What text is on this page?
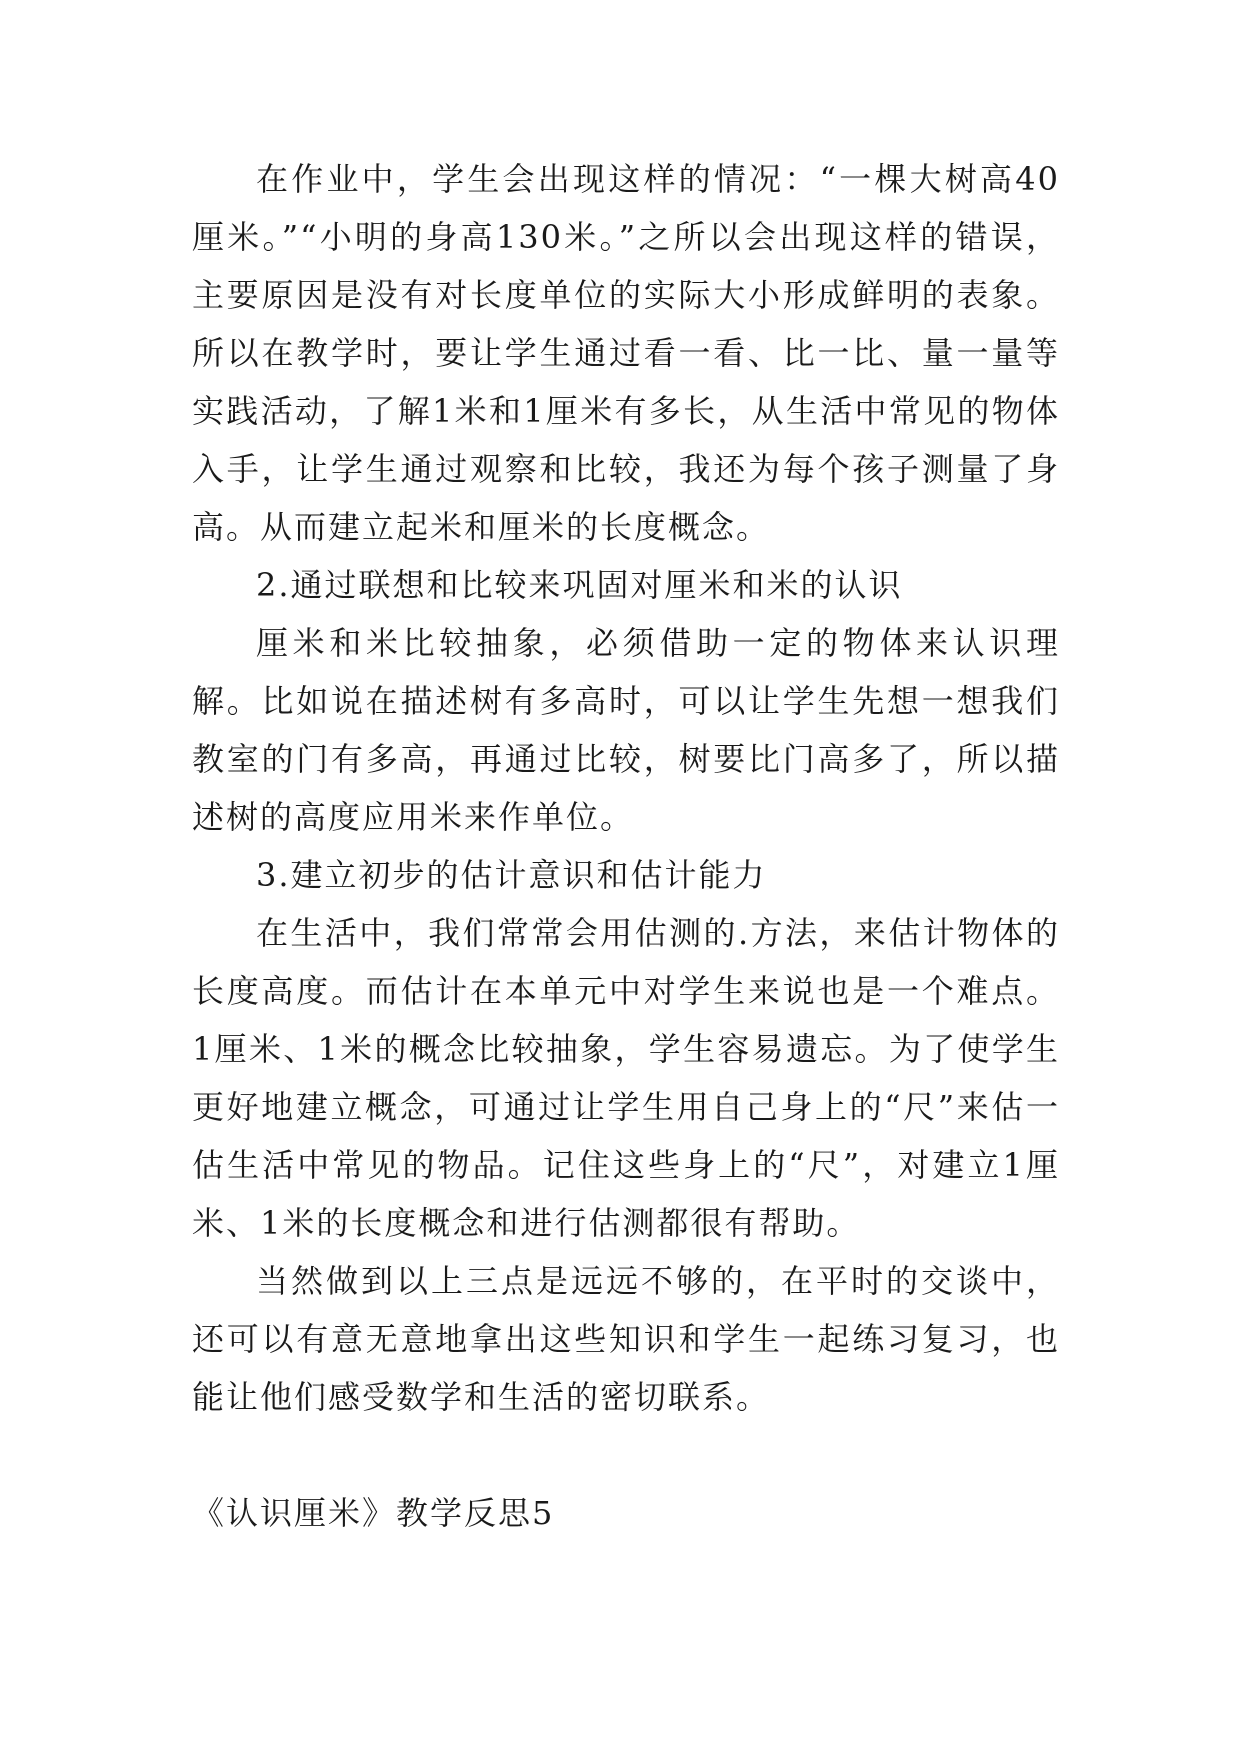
在作业中，学生会出现这样的情况：“一棵大树高40厘米。”“小明的身高130米。”之所以会出现这样的错误，主要原因是没有对长度单位的实际大小形成鲜明的表象。所以在教学时，要让学生通过看一看、比一比、量一量等实践活动，了解1米和1厘米有多长，从生活中常见的物体入手，让学生通过观察和比较，我还为每个孩子测量了身高。从而建立起米和厘米的长度概念。

2.通过联想和比较来巩固对厘米和米的认识

厘米和米比较抽象，必须借助一定的物体来认识理解。比如说在描述树有多高时，可以让学生先想一想我们教室的门有多高，再通过比较，树要比门高多了，所以描述树的高度应用米来作单位。

3.建立初步的估计意识和估计能力

在生活中，我们常常会用估测的.方法，来估计物体的长度高度。而估计在本单元中对学生来说也是一个难点。1厘米、1米的概念比较抽象，学生容易遗忘。为了使学生更好地建立概念，可通过让学生用自己身上的“尺”来估一估生活中常见的物品。记住这些身上的“尺”，对建立1厘米、1米的长度概念和进行估测都很有帮助。

当然做到以上三点是远远不够的，在平时的交谈中，还可以有意无意地拿出这些知识和学生一起练习复习，也能让他们感受数学和生活的密切联系。

《认识厘米》教学反思5
